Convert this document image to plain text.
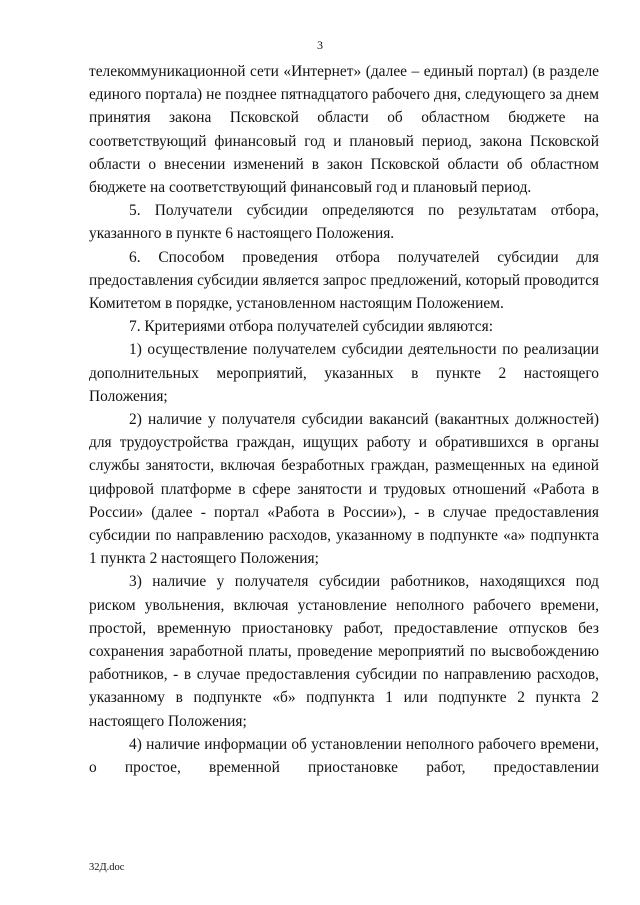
3

телекоммуникационной сети «Интернет» (далее – единый портал) (в разделе единого портала) не позднее пятнадцатого рабочего дня, следующего за днем принятия закона Псковской области об областном бюджете на соответствующий финансовый год и плановый период, закона Псковской области о внесении изменений в закон Псковской области об областном бюджете на соответствующий финансовый год и плановый период.

5. Получатели субсидии определяются по результатам отбора, указанного в пункте 6 настоящего Положения.

6. Способом проведения отбора получателей субсидии для предоставления субсидии является запрос предложений, который проводится Комитетом в порядке, установленном настоящим Положением.

7. Критериями отбора получателей субсидии являются:

1) осуществление получателем субсидии деятельности по реализации дополнительных мероприятий, указанных в пункте 2 настоящего Положения;

2) наличие у получателя субсидии вакансий (вакантных должностей) для трудоустройства граждан, ищущих работу и обратившихся в органы службы занятости, включая безработных граждан, размещенных на единой цифровой платформе в сфере занятости и трудовых отношений «Работа в России» (далее - портал «Работа в России»), - в случае предоставления субсидии по направлению расходов, указанному в подпункте «а» подпункта 1 пункта 2 настоящего Положения;

3) наличие у получателя субсидии работников, находящихся под риском увольнения, включая установление неполного рабочего времени, простой, временную приостановку работ, предоставление отпусков без сохранения заработной платы, проведение мероприятий по высвобождению работников, - в случае предоставления субсидии по направлению расходов, указанному в подпункте «б» подпункта 1 или подпункте 2 пункта 2 настоящего Положения;

4) наличие информации об установлении неполного рабочего времени, о простое, временной приостановке работ, предоставлении

32Д.doc
